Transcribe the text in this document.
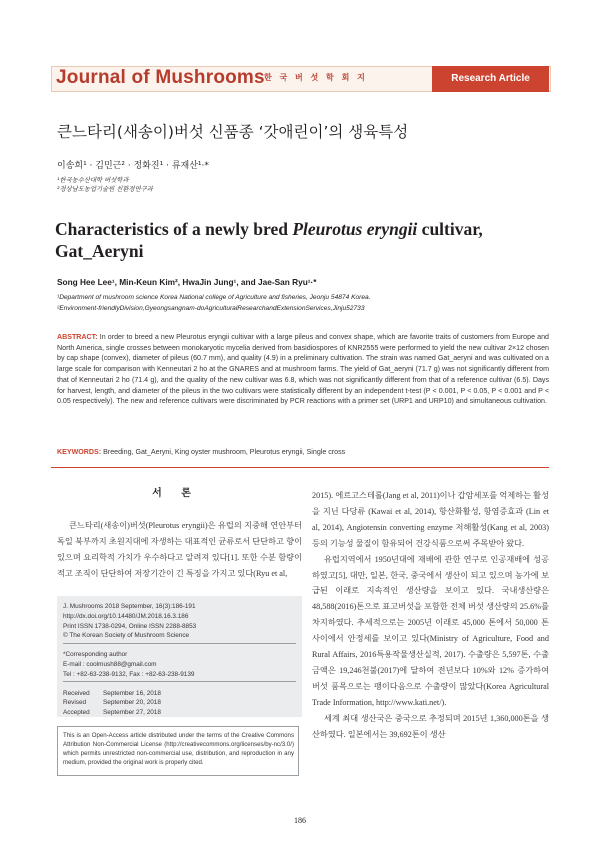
Journal of Mushrooms 한 국 버 섯 학 회 지	Research Article
큰느타리(새송이)버섯 신품종 ‘갓애린이’의 생육특성
이송희¹ · 김민근² · 정화진¹ · 류재산¹·*
¹한국농수산대학 버섯학과
²경상남도농업기술원 친환경연구과
Characteristics of a newly bred Pleurotus eryngii cultivar, Gat_Aeryni
Song Hee Lee¹, Min-Keun Kim², HwaJin Jung¹, and Jae-San Ryu¹·*
¹Department of mushroom science Korea National college of Agriculture and fisheries, Jeonju 54874 Korea.
²Environment-friendlyDivision,Gyeongsangnam-doAgriculturalResearchandExtensionServices,Jinju52733
ABSTRACT: In order to breed a new Pleurotus eryngii cultivar with a large pileus and convex shape, which are favorite traits of customers from Europe and North America, single crosses between monokaryotic mycelia derived from basidiospores of KNR2555 were performed to yield the new cultivar 2×12 chosen by cap shape (convex), diameter of pileus (60.7 mm), and quality (4.9) in a preliminary cultivation. The strain was named Gat_aeryni and was cultivated on a large scale for comparison with Kenneutari 2 ho at the GNARES and at mushroom farms. The yield of Gat_aeryni (71.7 g) was not significantly different from that of Kenneutari 2 ho (71.4 g), and the quality of the new cultivar was 6.8, which was not significantly different from that of a reference cultivar (6.5). Days for harvest, length, and diameter of the pileus in the two cultivars were statistically different by an independent t-test (P < 0.001, P < 0.05, P < 0.001 and P < 0.05 respectively). The new and reference cultivars were discriminated by PCR reactions with a primer set (URP1 and URP10) and simultaneous cultivation.
KEYWORDS: Breeding, Gat_Aeryni, King oyster mushroom, Pleurotus eryngii, Single cross
서 론

큰느타리(새송이)버섯(Pleurotus eryngii)은 유럽의 지중해 연안부터 독일 북부까지 초원지대에 자생하는 대표적인 균류로서 단단하고 향이 있으며 요리학적 가치가 우수하다고 알려져 있다[1]. 또한 수분 함량이 적고 조직이 단단하여 저장기간이 긴 특징을 가지고 있다(Ryu et al,

J. Mushrooms 2018 September, 16(3):186-191
http://dx.doi.org/10.14480/JM.2018.16.3.186
Print ISSN 1738-0294, Online ISSN 2288-8853
© The Korean Society of Mushroom Science
*Corresponding author
E-mail : coolmush88@gmail.com
Tel : +82-63-238-9132, Fax : +82-63-238-9139
Received September 16, 2018
Revised	September 20, 2018
Accepted September 27, 2018
This is an Open-Access article distributed under the terms of the Creative Commons Attribution Non-Commercial License (http://creativecommons.org/licenses/by-nc/3.0/) which permits unrestricted non-commercial use, distribution, and reproduction in any medium, provided the original work is properly cited.

2015). 에르고스테롤(Jang et al, 2011)이나 갑암세포를 억제하는 활성을 지닌 다당류 (Kawai et al, 2014), 항산화활성, 항염증효과 (Lin et al, 2014), Angiotensin converting enzyme 저해활성(Kang et al, 2003) 등의 기능성 물질이 함유되어 건강식품으로써 주목받아 왔다.

유럽지역에서 1950년대에 재배에 관한 연구로 인공재배에 성공하였고[5], 대만, 일본, 한국, 중국에서 생산이 되고 있으며 농가에 보급된 이래로 지속적인 생산량을 보이고 있다. 국내생산량은 48,588(2016)톤으로 표고버섯을 포함한 전체 버섯 생산량의 25.6%를 차지하였다. 추세적으로는 2005년 이래로 45,000 톤에서 50,000 톤 사이에서 안정세를 보이고 있다(Ministry of Agriculture, Food and Rural Affairs, 2016특용작물생산실적, 2017). 수출량은 5,597톤, 수출금액은 19,246천불(2017)에 달하여 전년보다 10%와 12% 증가하여 버섯 품목으로는 팽이다음으로 수출량이 많았다(Korea Agricultural Trade Information, http://www.kati.net/).

세계 최대 생산국은 중국으로 추정되며 2015년 1,360,000톤을 생산하였다. 일본에서는 39,692톤이 생산

186
